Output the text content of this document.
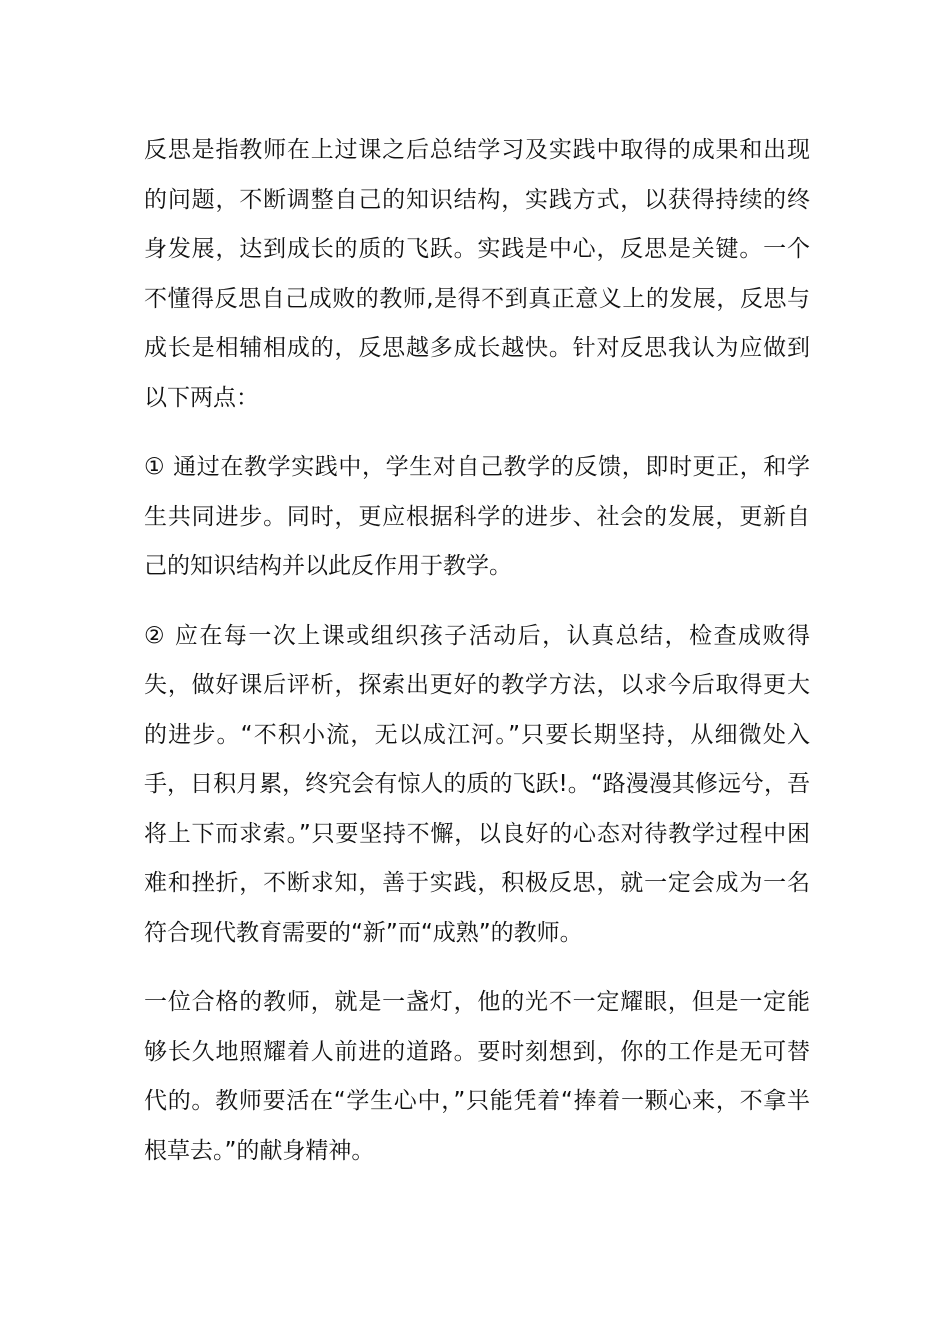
反思是指教师在上过课之后总结学习及实践中取得的成果和出现的问题，不断调整自己的知识结构，实践方式，以获得持续的终身发展，达到成长的质的飞跃。实践是中心，反思是关键。一个不懂得反思自己成败的教师,是得不到真正意义上的发展，反思与成长是相辅相成的，反思越多成长越快。针对反思我认为应做到以下两点：

① 通过在教学实践中，学生对自己教学的反馈，即时更正，和学生共同进步。同时，更应根据科学的进步、社会的发展，更新自己的知识结构并以此反作用于教学。

② 应在每一次上课或组织孩子活动后，认真总结，检查成败得失，做好课后评析，探索出更好的教学方法，以求今后取得更大的进步。“不积小流，无以成江河。”只要长期坚持，从细微处入手，日积月累，终究会有惊人的质的飞跃!。“路漫漫其修远兮，吾将上下而求索。”只要坚持不懈，以良好的心态对待教学过程中困难和挫折，不断求知，善于实践，积极反思，就一定会成为一名符合现代教育需要的“新”而“成熟”的教师。

一位合格的教师，就是一盏灯，他的光不一定耀眼，但是一定能够长久地照耀着人前进的道路。要时刻想到，你的工作是无可替代的。教师要活在“学生心中，”只能凭着“捧着一颗心来，不拿半根草去。”的献身精神。
